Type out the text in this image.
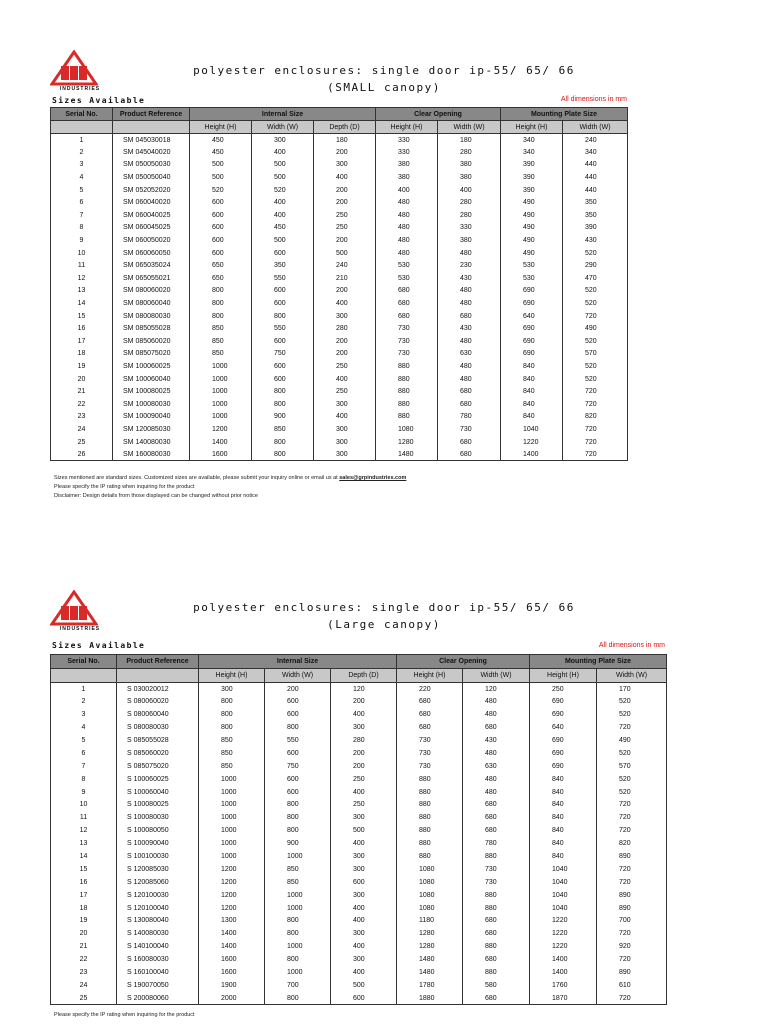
INDUSTRIES
polyester enclosures: single door ip-55/ 65/ 66
(SMALL canopy)
Sizes Available	All dimensions in mm
Serial No.	Product Reference	Internal Size			Clear Opening		Mounting Plate Size	
		Height (H)	Width (W)	Depth (D)	Height (H)	Width (W)	Height (H)	Width (W)
1	SM 045030018	450	300	180	330	180	340	240
2	SM 045040020	450	400	200	330	280	340	340
3	SM 050050030	500	500	300	380	380	390	440
4	SM 050050040	500	500	400	380	380	390	440
5	SM 052052020	520	520	200	400	400	390	440
6	SM 060040020	600	400	200	480	280	490	350
7	SM 060040025	600	400	250	480	280	490	350
8	SM 060045025	600	450	250	480	330	490	390
9	SM 060050020	600	500	200	480	380	490	430
10	SM 060060050	600	600	500	480	480	490	520
11	SM 065035024	650	350	240	530	230	530	290
12	SM 065055021	650	550	210	530	430	530	470
13	SM 080060020	800	600	200	680	480	690	520
14	SM 080060040	800	600	400	680	480	690	520
15	SM 080080030	800	800	300	680	680	640	720
16	SM 085055028	850	550	280	730	430	690	490
17	SM 085060020	850	600	200	730	480	690	520
18	SM 085075020	850	750	200	730	630	690	570
19	SM 100060025	1000	600	250	880	480	840	520
20	SM 100060040	1000	600	400	880	480	840	520
21	SM 100080025	1000	800	250	880	680	840	720
22	SM 100080030	1000	800	300	880	680	840	720
23	SM 100090040	1000	900	400	880	780	840	820
24	SM 120085030	1200	850	300	1080	730	1040	720
25	SM 140080030	1400	800	300	1280	680	1220	720
26	SM 160080030	1600	800	300	1480	680	1400	720
Sizes mentioned are standard sizes. Customized sizes are available, please submit your inquiry online or email us at sales@grpindustries.com
Please specify the IP rating when inquiring for the product
Disclaimer: Design details from those displayed can be changed without prior notice
INDUSTRIES
polyester enclosures: single door ip-55/ 65/ 66
(Large canopy)
Sizes Available	All dimensions in mm
Serial No.	Product Reference	Internal Size			Clear Opening		Mounting Plate Size	
		Height (H)	Width (W)	Depth (D)	Height (H)	Width (W)	Height (H)	Width (W)
1	S 030020012	300	200	120	220	120	250	170
2	S 080060020	800	600	200	680	480	690	520
3	S 080060040	800	600	400	680	480	690	520
4	S 080080030	800	800	300	680	680	640	720
5	S 085055028	850	550	280	730	430	690	490
6	S 085060020	850	600	200	730	480	690	520
7	S 085075020	850	750	200	730	630	690	570
8	S 100060025	1000	600	250	880	480	840	520
9	S 100060040	1000	600	400	880	480	840	520
10	S 100080025	1000	800	250	880	680	840	720
11	S 100080030	1000	800	300	880	680	840	720
12	S 100080050	1000	800	500	880	680	840	720
13	S 100090040	1000	900	400	880	780	840	820
14	S 100100030	1000	1000	300	880	880	840	890
15	S 120085030	1200	850	300	1080	730	1040	720
16	S 120085060	1200	850	600	1080	730	1040	720
17	S 120100030	1200	1000	300	1080	880	1040	890
18	S 120100040	1200	1000	400	1080	880	1040	890
19	S 130080040	1300	800	400	1180	680	1220	700
20	S 140080030	1400	800	300	1280	680	1220	720
21	S 140100040	1400	1000	400	1280	880	1220	920
22	S 160080030	1600	800	300	1480	680	1400	720
23	S 160100040	1600	1000	400	1480	880	1400	890
24	S 190070050	1900	700	500	1780	580	1760	610
25	S 200080060	2000	800	600	1880	680	1870	720
Please specify the IP rating when inquiring for the product
